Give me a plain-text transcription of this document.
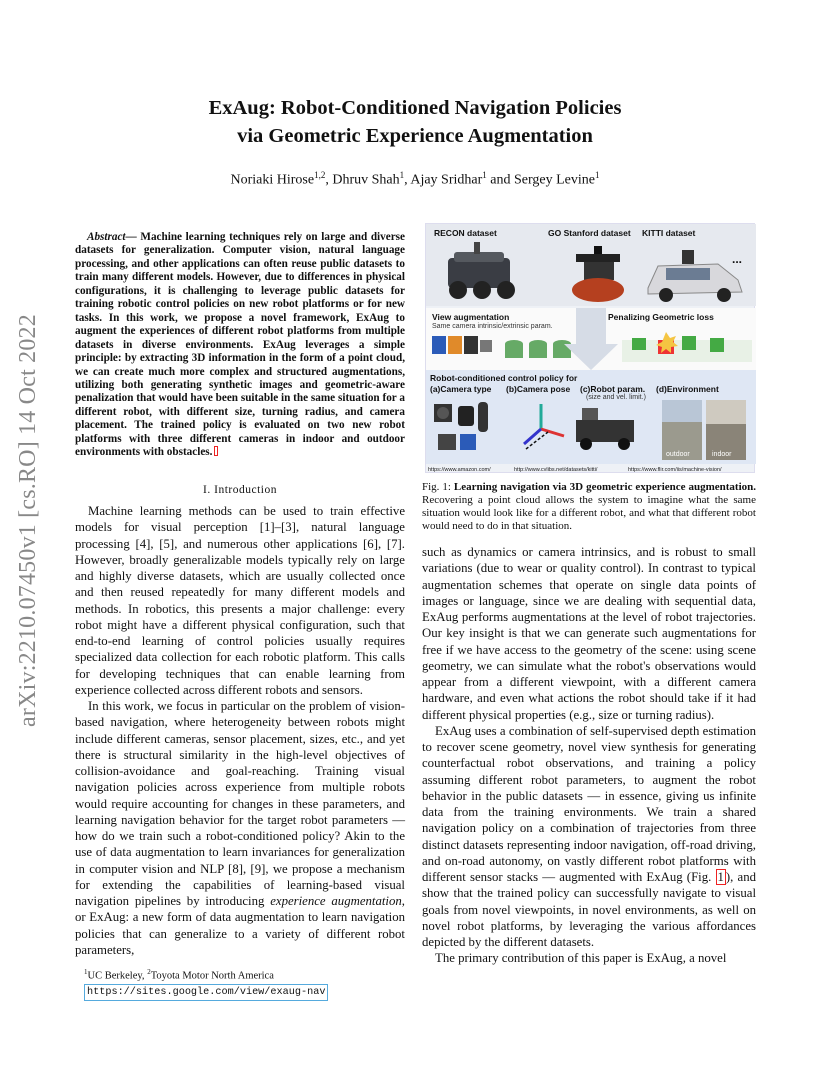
arXiv:2210.07450v1 [cs.RO] 14 Oct 2022
ExAug: Robot-Conditioned Navigation Policies
via Geometric Experience Augmentation
Noriaki Hirose$^{1,2}$, Dhruv Shah$^1$, Ajay Sridhar$^1$ and Sergey Levine$^1$
Abstract— Machine learning techniques rely on large and diverse datasets for generalization. Computer vision, natural language processing, and other applications can often reuse public datasets to train many different models. However, due to differences in physical configurations, it is challenging to leverage public datasets for training robotic control policies on new robot platforms or for new tasks. In this work, we propose a novel framework, ExAug to augment the experiences of different robot platforms from multiple datasets in diverse environments. ExAug leverages a simple principle: by extracting 3D information in the form of a point cloud, we can create much more complex and structured augmentations, utilizing both generating synthetic images and geometric-aware penalization that would have been suitable in the same situation for a different robot, with different size, turning radius, and camera placement. The trained policy is evaluated on two new robot platforms with three different cameras in indoor and outdoor environments with obstacles.
I. Introduction

Machine learning methods can be used to train effective models for visual perception [1]–[3], natural language processing [4], [5], and numerous other applications [6], [7]. However, broadly generalizable models typically rely on large and highly diverse datasets, which are usually collected once and then reused repeatedly for many different models and methods. In robotics, this presents a major challenge: every robot might have a different physical configuration, such that end-to-end learning of control policies usually requires specialized data collection for each robotic platform. This calls for developing techniques that can enable learning from experience collected across different robots and sensors.

In this work, we focus in particular on the problem of vision-based navigation, where heterogeneity between robots might include different cameras, sensor placement, sizes, etc., and yet there is structural similarity in the high-level objectives of collision-avoidance and goal-reaching. Training visual navigation policies across experience from multiple robots would require accounting for changes in these parameters, and learning navigation behavior for the target robot parameters — how do we train such a robot-conditioned policy? Akin to the use of data augmentation to learn invariances for generalization in computer vision and NLP [8], [9], we propose a mechanism for extending the capabilities of learning-based visual navigation pipelines by introducing experience augmentation, or ExAug: a new form of data augmentation to learn navigation policies that can generalize to a variety of different robot parameters,

$^1$UC Berkeley, $^2$Toyota Motor North America
https://sites.google.com/view/exaug-nav
RECON dataset	GO Stanford dataset KITTI dataset
...
View augmentation
Same camera intrinsic/extrinsic param.
Penalizing Geometric loss
Robot-conditioned control policy for
(a)Camera type (b)Camera pose (c)Robot param.
(size and vel. limit.)
(d)Environment
outdoor	indoor
https://www.amazon.com/	http://www.cvlibs.net/datasets/kitti/	https://www.flir.com/iis/machine-vision/
Fig. 1: Learning navigation via 3D geometric experience augmentation. Recovering a point cloud allows the system to imagine what the same situation would look like for a different robot, and what that different robot would need to do in that situation.

such as dynamics or camera intrinsics, and is robust to small variations (due to wear or quality control). In contrast to typical augmentation schemes that operate on single data points of images or language, since we are dealing with sequential data, ExAug performs augmentations at the level of robot trajectories. Our key insight is that we can generate such augmentations for free if we have access to the geometry of the scene: using scene geometry, we can simulate what the robot's observations would appear from a different viewpoint, with a different camera hardware, and even what actions the robot should take if it had different physical properties (e.g., size or turning radius).

ExAug uses a combination of self-supervised depth estimation to recover scene geometry, novel view synthesis for generating counterfactual robot observations, and training a policy assuming different robot parameters, to augment the robot behavior in the public datasets — in essence, giving us infinite data from the training environments. We train a shared navigation policy on a combination of trajectories from three distinct datasets representing indoor navigation, off-road driving, and on-road autonomy, on vastly different robot platforms with different sensor stacks — augmented with ExAug (Fig. 1 ), and show that the trained policy can successfully navigate to visual goals from novel viewpoints, in novel environments, as well on novel robot platforms, by leveraging the various affordances depicted by the different datasets.

The primary contribution of this paper is ExAug, a novel
